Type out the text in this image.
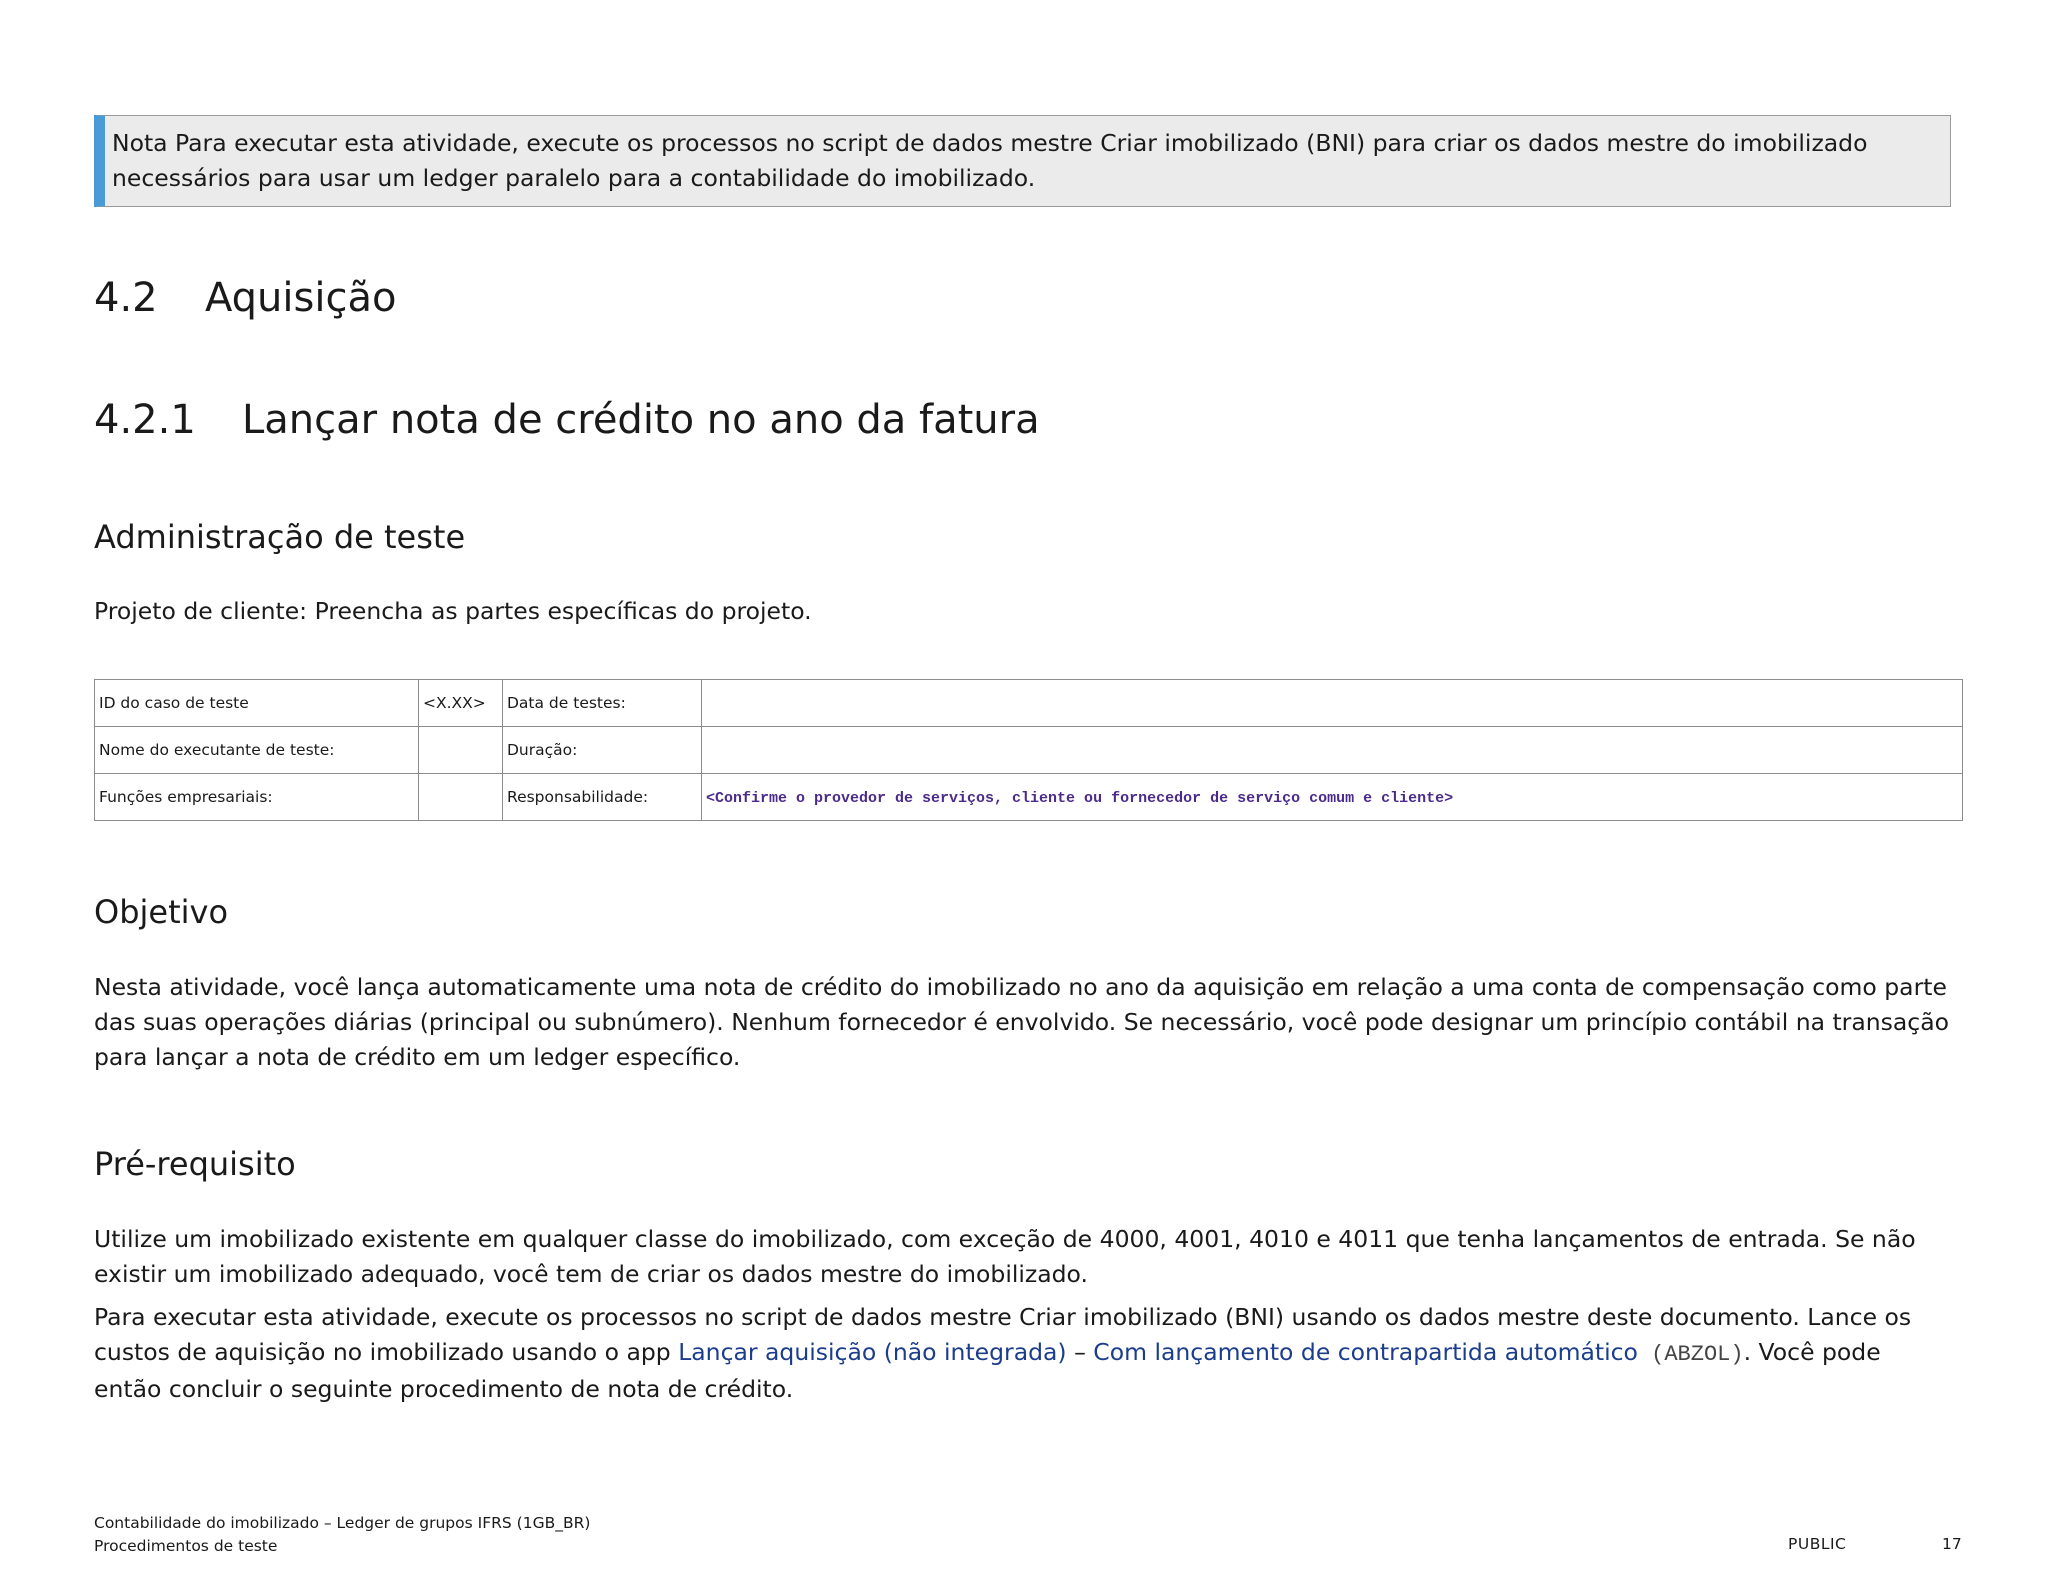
Nota Para executar esta atividade, execute os processos no script de dados mestre Criar imobilizado (BNI) para criar os dados mestre do imobilizado necessários para usar um ledger paralelo para a contabilidade do imobilizado.
4.2 Aquisição
4.2.1 Lançar nota de crédito no ano da fatura
Administração de teste

Projeto de cliente: Preencha as partes específicas do projeto.

ID do caso de teste	<X.XX>	Data de testes:	
Nome do executante de teste:		Duração:	
Funções empresariais:		Responsabilidade:	<Confirme o provedor de serviços, cliente ou fornecedor de serviço comum e cliente>
Objetivo

Nesta atividade, você lança automaticamente uma nota de crédito do imobilizado no ano da aquisição em relação a uma conta de compensação como parte das suas operações diárias (principal ou subnúmero). Nenhum fornecedor é envolvido. Se necessário, você pode designar um princípio contábil na transação para lançar a nota de crédito em um ledger específico.

Pré-requisito

Utilize um imobilizado existente em qualquer classe do imobilizado, com exceção de 4000, 4001, 4010 e 4011 que tenha lançamentos de entrada. Se não existir um imobilizado adequado, você tem de criar os dados mestre do imobilizado.

Para executar esta atividade, execute os processos no script de dados mestre Criar imobilizado (BNI) usando os dados mestre deste documento. Lance os custos de aquisição no imobilizado usando o app Lançar aquisição (não integrada) – Com lançamento de contrapartida automático (ABZOL). Você pode então concluir o seguinte procedimento de nota de crédito.

Contabilidade do imobilizado – Ledger de grupos IFRS (1GB_BR)
Procedimentos de teste	PUBLIC	17
